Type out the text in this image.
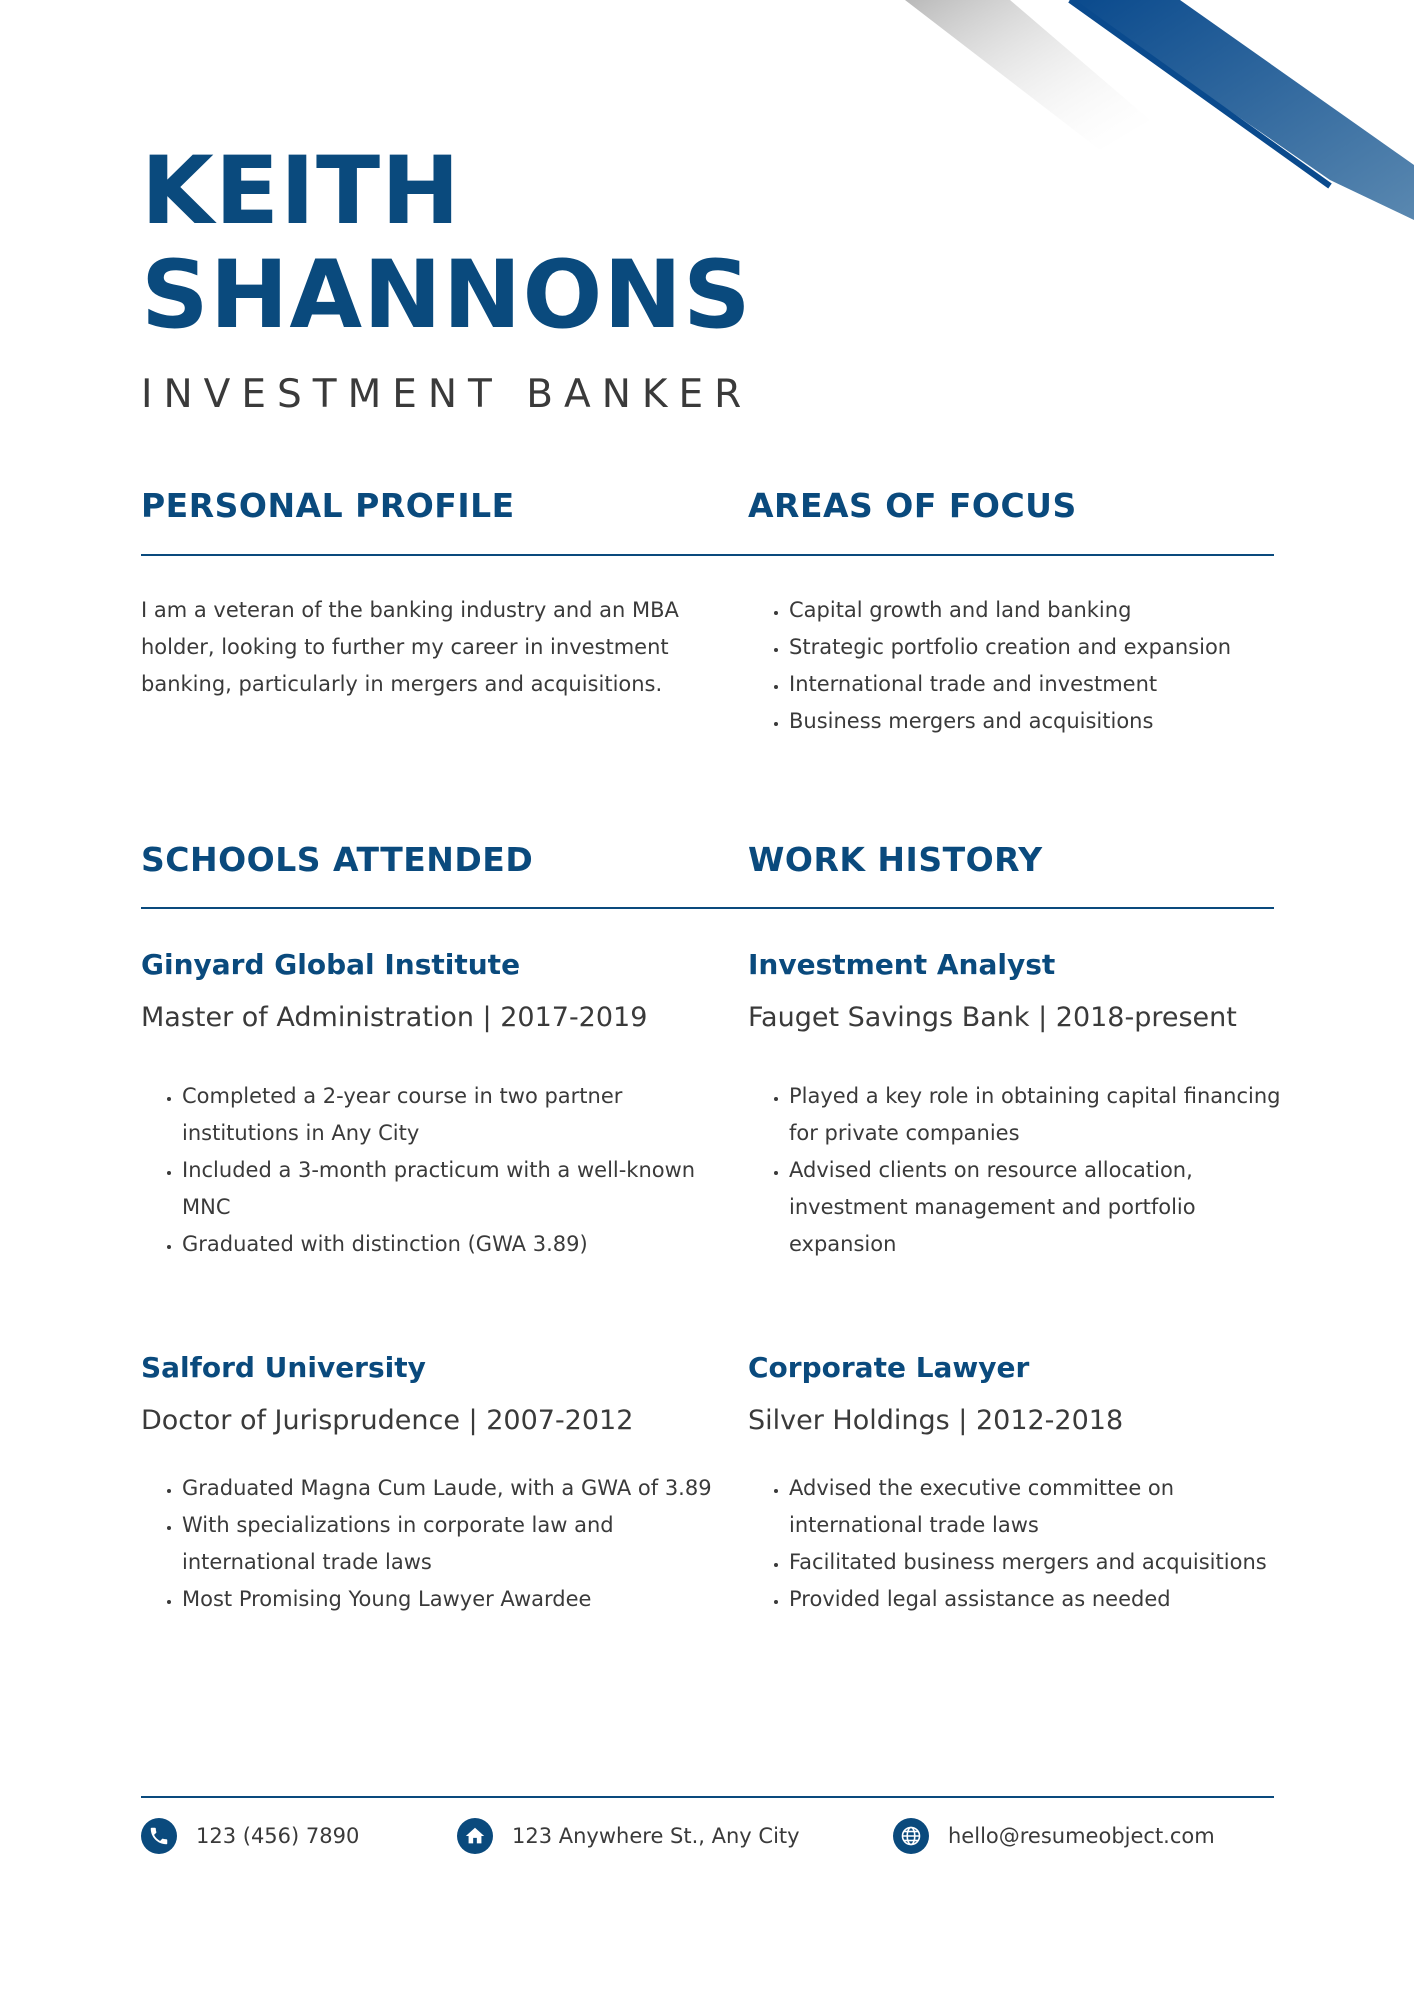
KEITH
SHANNONS
INVESTMENT BANKER
PERSONAL PROFILE	AREAS OF FOCUS

I am a veteran of the banking industry and an MBA holder, looking to further my career in investment banking, particularly in mergers and acquisitions.

• Capital growth and land banking
• Strategic portfolio creation and expansion
• International trade and investment
• Business mergers and acquisitions
SCHOOLS ATTENDED	WORK HISTORY
Ginyard Global Institute
Master of Administration | 2017-2019
• Completed a 2-year course in two partner institutions in Any City
• Included a 3-month practicum with a well-known MNC
• Graduated with distinction (GWA 3.89)
Investment Analyst
Fauget Savings Bank | 2018-present
• Played a key role in obtaining capital financing for private companies
• Advised clients on resource allocation, investment management and portfolio expansion
Salford University
Doctor of Jurisprudence | 2007-2012
• Graduated Magna Cum Laude, with a GWA of 3.89
• With specializations in corporate law and international trade laws
• Most Promising Young Lawyer Awardee
Corporate Lawyer
Silver Holdings | 2012-2018
• Advised the executive committee on international trade laws
• Facilitated business mergers and acquisitions
• Provided legal assistance as needed
123 (456) 7890	123 Anywhere St., Any City	hello@resumeobject.com
